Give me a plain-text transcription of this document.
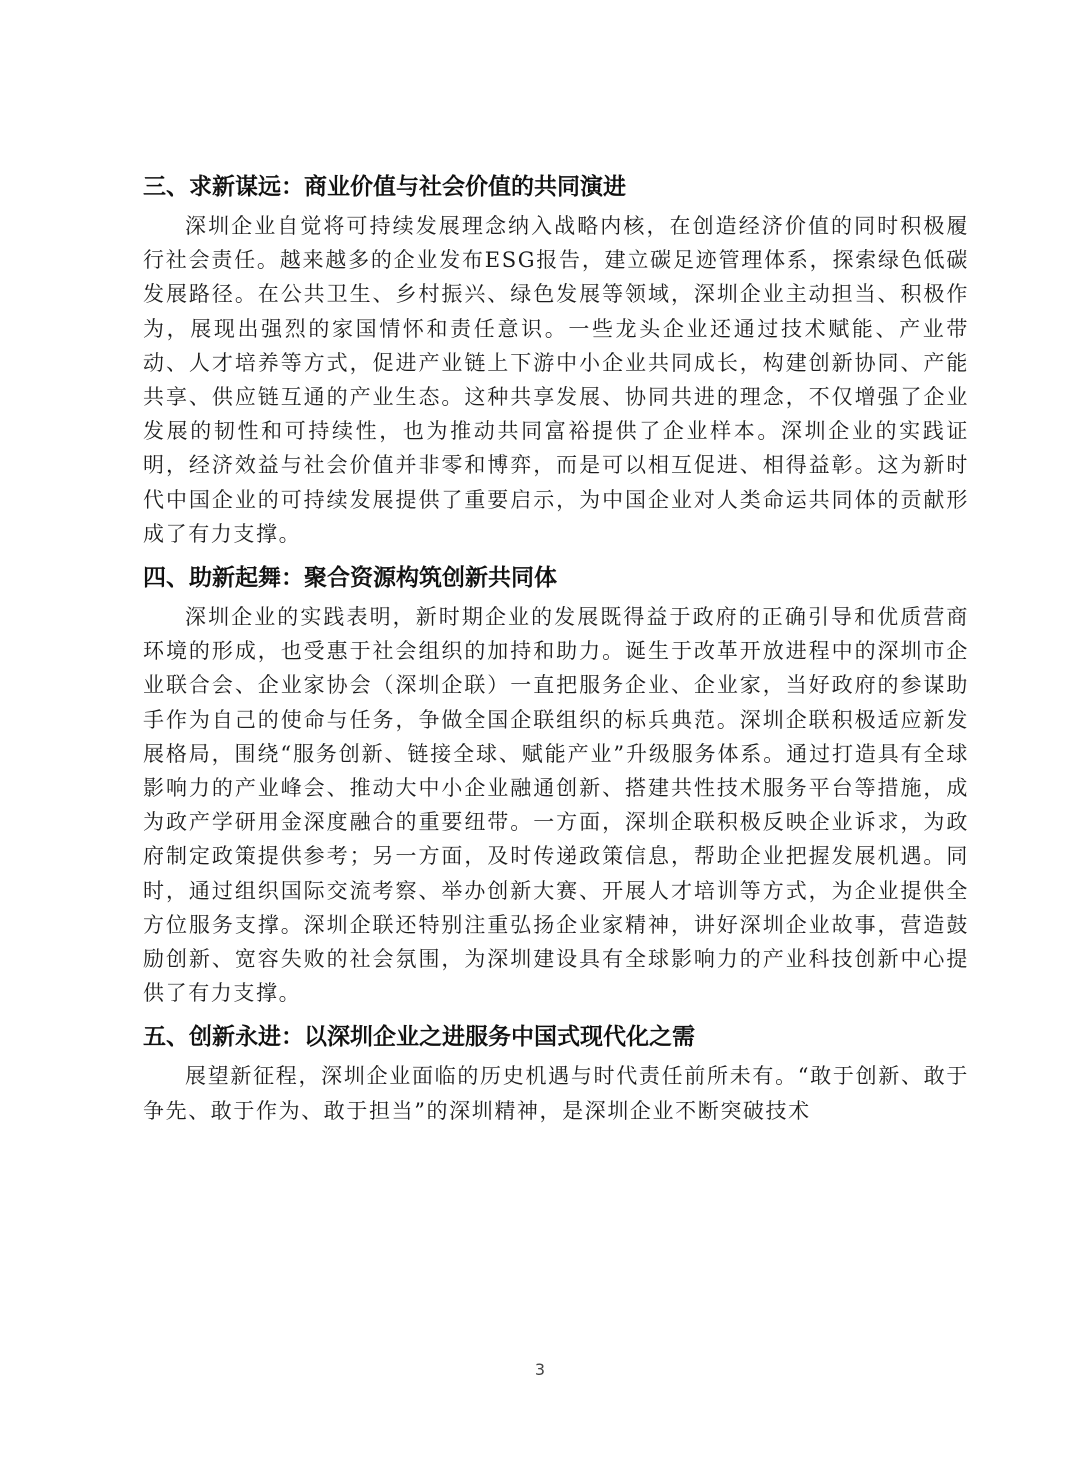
三、求新谋远：商业价值与社会价值的共同演进

深圳企业自觉将可持续发展理念纳入战略内核，在创造经济价值的同时积极履行社会责任。越来越多的企业发布ESG报告，建立碳足迹管理体系，探索绿色低碳发展路径。在公共卫生、乡村振兴、绿色发展等领域，深圳企业主动担当、积极作为，展现出强烈的家国情怀和责任意识。一些龙头企业还通过技术赋能、产业带动、人才培养等方式，促进产业链上下游中小企业共同成长，构建创新协同、产能共享、供应链互通的产业生态。这种共享发展、协同共进的理念，不仅增强了企业发展的韧性和可持续性，也为推动共同富裕提供了企业样本。深圳企业的实践证明，经济效益与社会价值并非零和博弈，而是可以相互促进、相得益彰。这为新时代中国企业的可持续发展提供了重要启示，为中国企业对人类命运共同体的贡献形成了有力支撑。

四、助新起舞：聚合资源构筑创新共同体

深圳企业的实践表明，新时期企业的发展既得益于政府的正确引导和优质营商环境的形成，也受惠于社会组织的加持和助力。诞生于改革开放进程中的深圳市企业联合会、企业家协会（深圳企联）一直把服务企业、企业家，当好政府的参谋助手作为自己的使命与任务，争做全国企联组织的标兵典范。深圳企联积极适应新发展格局，围绕“服务创新、链接全球、赋能产业”升级服务体系。通过打造具有全球影响力的产业峰会、推动大中小企业融通创新、搭建共性技术服务平台等措施，成为政产学研用金深度融合的重要纽带。一方面，深圳企联积极反映企业诉求，为政府制定政策提供参考；另一方面，及时传递政策信息，帮助企业把握发展机遇。同时，通过组织国际交流考察、举办创新大赛、开展人才培训等方式，为企业提供全方位服务支撑。深圳企联还特别注重弘扬企业家精神，讲好深圳企业故事，营造鼓励创新、宽容失败的社会氛围，为深圳建设具有全球影响力的产业科技创新中心提供了有力支撑。

五、创新永进：以深圳企业之进服务中国式现代化之需

展望新征程，深圳企业面临的历史机遇与时代责任前所未有。“敢于创新、敢于争先、敢于作为、敢于担当”的深圳精神，是深圳企业不断突破技术

3
